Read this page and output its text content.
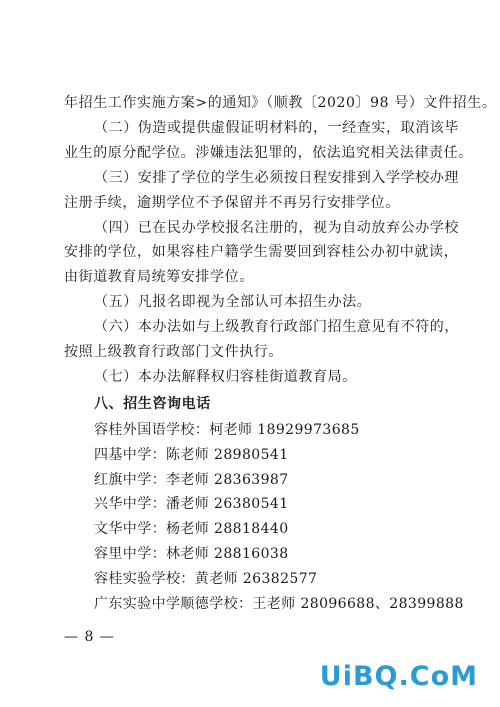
年招生工作实施方案>的通知》（顺教〔2020〕98 号）文件招生。
（二）伪造或提供虚假证明材料的，一经查实，取消该毕
业生的原分配学位。涉嫌违法犯罪的，依法追究相关法律责任。
（三）安排了学位的学生必须按日程安排到入学学校办理
注册手续，逾期学位不予保留并不再另行安排学位。
（四）已在民办学校报名注册的，视为自动放弃公办学校
安排的学位，如果容桂户籍学生需要回到容桂公办初中就读，
由街道教育局统筹安排学位。
（五）凡报名即视为全部认可本招生办法。
（六）本办法如与上级教育行政部门招生意见有不符的，
按照上级教育行政部门文件执行。
八、招生咨询电话
容桂外国语学校：柯老师 18929973685
四基中学：陈老师 28980541
红旗中学：李老师 28363987
兴华中学：潘老师 26380541
文华中学：杨老师 28818440
容里中学：林老师 28816038
容桂实验学校：黄老师 26382577
广东实验中学顺德学校：王老师 28096688、28399888
— 8 —
UiBQ.CoM
（七）本办法解释权归容桂街道教育局。
